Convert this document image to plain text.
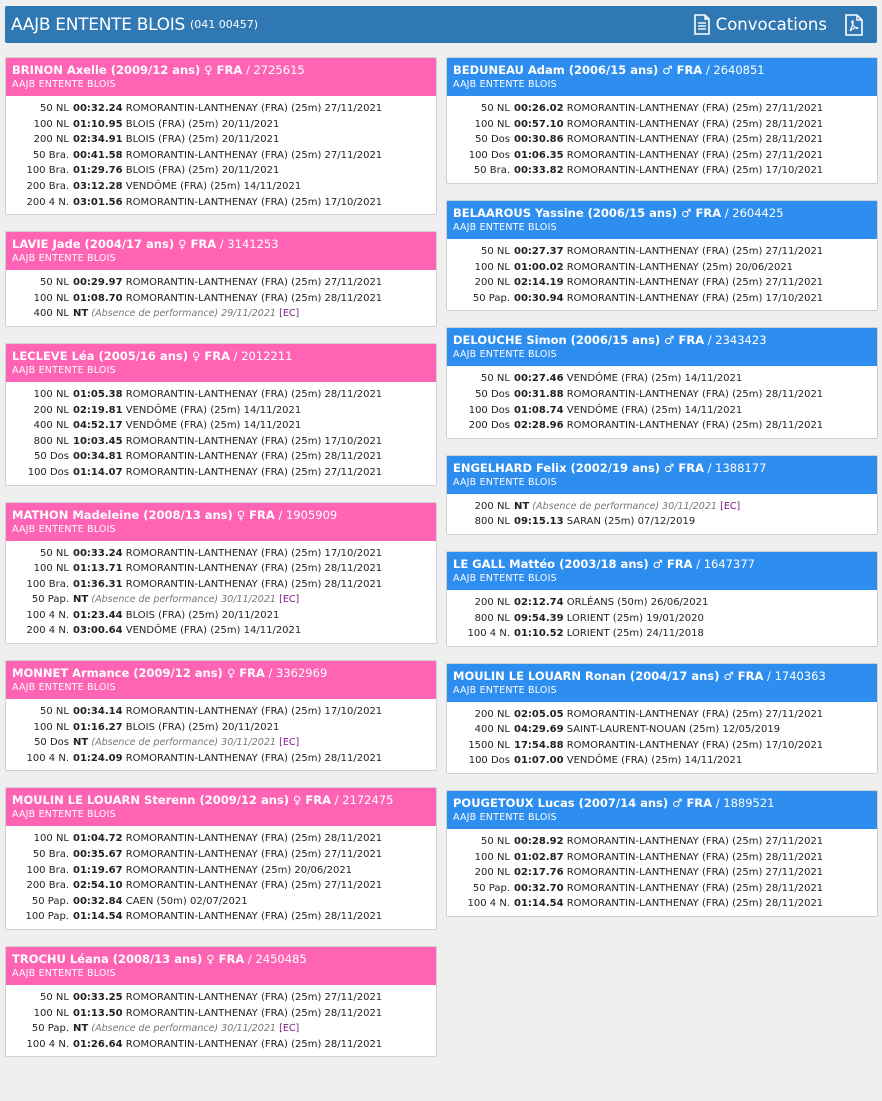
AAJB ENTENTE BLOIS (041 00457)	Convocations
BRINON Axelle (2009/12 ans) ♀ FRA / 2725615
AAJB ENTENTE BLOIS
50 NL 00:32.24 ROMORANTIN-LANTHENAY (FRA) (25m) 27/11/2021
100 NL 01:10.95 BLOIS (FRA) (25m) 20/11/2021
200 NL 02:34.91 BLOIS (FRA) (25m) 20/11/2021
50 Bra. 00:41.58 ROMORANTIN-LANTHENAY (FRA) (25m) 27/11/2021
100 Bra. 01:29.76 BLOIS (FRA) (25m) 20/11/2021
200 Bra. 03:12.28 VENDÔME (FRA) (25m) 14/11/2021
200 4 N. 03:01.56 ROMORANTIN-LANTHENAY (FRA) (25m) 17/10/2021
LAVIE Jade (2004/17 ans) ♀ FRA / 3141253
AAJB ENTENTE BLOIS
50 NL 00:29.97 ROMORANTIN-LANTHENAY (FRA) (25m) 27/11/2021
100 NL 01:08.70 ROMORANTIN-LANTHENAY (FRA) (25m) 28/11/2021
400 NL NT (Absence de performance) 29/11/2021 [EC]
LECLEVE Léa (2005/16 ans) ♀ FRA / 2012211
AAJB ENTENTE BLOIS
100 NL 01:05.38 ROMORANTIN-LANTHENAY (FRA) (25m) 28/11/2021
200 NL 02:19.81 VENDÔME (FRA) (25m) 14/11/2021
400 NL 04:52.17 VENDÔME (FRA) (25m) 14/11/2021
800 NL 10:03.45 ROMORANTIN-LANTHENAY (FRA) (25m) 17/10/2021
50 Dos 00:34.81 ROMORANTIN-LANTHENAY (FRA) (25m) 28/11/2021
100 Dos 01:14.07 ROMORANTIN-LANTHENAY (FRA) (25m) 27/11/2021
MATHON Madeleine (2008/13 ans) ♀ FRA / 1905909
AAJB ENTENTE BLOIS
50 NL 00:33.24 ROMORANTIN-LANTHENAY (FRA) (25m) 17/10/2021
100 NL 01:13.71 ROMORANTIN-LANTHENAY (FRA) (25m) 28/11/2021
100 Bra. 01:36.31 ROMORANTIN-LANTHENAY (FRA) (25m) 28/11/2021
50 Pap. NT (Absence de performance) 30/11/2021 [EC]
100 4 N. 01:23.44 BLOIS (FRA) (25m) 20/11/2021
200 4 N. 03:00.64 VENDÔME (FRA) (25m) 14/11/2021
MONNET Armance (2009/12 ans) ♀ FRA / 3362969
AAJB ENTENTE BLOIS
50 NL 00:34.14 ROMORANTIN-LANTHENAY (FRA) (25m) 17/10/2021
100 NL 01:16.27 BLOIS (FRA) (25m) 20/11/2021
50 Dos NT (Absence de performance) 30/11/2021 [EC]
100 4 N. 01:24.09 ROMORANTIN-LANTHENAY (FRA) (25m) 28/11/2021
MOULIN LE LOUARN Sterenn (2009/12 ans) ♀ FRA / 2172475
AAJB ENTENTE BLOIS
100 NL 01:04.72 ROMORANTIN-LANTHENAY (FRA) (25m) 28/11/2021
50 Bra. 00:35.67 ROMORANTIN-LANTHENAY (FRA) (25m) 27/11/2021
100 Bra. 01:19.67 ROMORANTIN-LANTHENAY (25m) 20/06/2021
200 Bra. 02:54.10 ROMORANTIN-LANTHENAY (FRA) (25m) 27/11/2021
50 Pap. 00:32.84 CAEN (50m) 02/07/2021
100 Pap. 01:14.54 ROMORANTIN-LANTHENAY (FRA) (25m) 28/11/2021
TROCHU Léana (2008/13 ans) ♀ FRA / 2450485
AAJB ENTENTE BLOIS
50 NL 00:33.25 ROMORANTIN-LANTHENAY (FRA) (25m) 27/11/2021
100 NL 01:13.50 ROMORANTIN-LANTHENAY (FRA) (25m) 28/11/2021
50 Pap. NT (Absence de performance) 30/11/2021 [EC]
100 4 N. 01:26.64 ROMORANTIN-LANTHENAY (FRA) (25m) 28/11/2021
BEDUNEAU Adam (2006/15 ans) ♂ FRA / 2640851
AAJB ENTENTE BLOIS
50 NL 00:26.02 ROMORANTIN-LANTHENAY (FRA) (25m) 27/11/2021
100 NL 00:57.10 ROMORANTIN-LANTHENAY (FRA) (25m) 28/11/2021
50 Dos 00:30.86 ROMORANTIN-LANTHENAY (FRA) (25m) 28/11/2021
100 Dos 01:06.35 ROMORANTIN-LANTHENAY (FRA) (25m) 27/11/2021
50 Bra. 00:33.82 ROMORANTIN-LANTHENAY (FRA) (25m) 17/10/2021
BELAAROUS Yassine (2006/15 ans) ♂ FRA / 2604425
AAJB ENTENTE BLOIS
50 NL 00:27.37 ROMORANTIN-LANTHENAY (FRA) (25m) 27/11/2021
100 NL 01:00.02 ROMORANTIN-LANTHENAY (25m) 20/06/2021
200 NL 02:14.19 ROMORANTIN-LANTHENAY (FRA) (25m) 27/11/2021
50 Pap. 00:30.94 ROMORANTIN-LANTHENAY (FRA) (25m) 17/10/2021
DELOUCHE Simon (2006/15 ans) ♂ FRA / 2343423
AAJB ENTENTE BLOIS
50 NL 00:27.46 VENDÔME (FRA) (25m) 14/11/2021
50 Dos 00:31.88 ROMORANTIN-LANTHENAY (FRA) (25m) 28/11/2021
100 Dos 01:08.74 VENDÔME (FRA) (25m) 14/11/2021
200 Dos 02:28.96 ROMORANTIN-LANTHENAY (FRA) (25m) 28/11/2021
ENGELHARD Felix (2002/19 ans) ♂ FRA / 1388177
AAJB ENTENTE BLOIS
200 NL NT (Absence de performance) 30/11/2021 [EC]
800 NL 09:15.13 SARAN (25m) 07/12/2019
LE GALL Mattéo (2003/18 ans) ♂ FRA / 1647377
AAJB ENTENTE BLOIS
200 NL 02:12.74 ORLÉANS (50m) 26/06/2021
800 NL 09:54.39 LORIENT (25m) 19/01/2020
100 4 N. 01:10.52 LORIENT (25m) 24/11/2018
MOULIN LE LOUARN Ronan (2004/17 ans) ♂ FRA / 1740363
AAJB ENTENTE BLOIS
200 NL 02:05.05 ROMORANTIN-LANTHENAY (FRA) (25m) 27/11/2021
400 NL 04:29.69 SAINT-LAURENT-NOUAN (25m) 12/05/2019
1500 NL 17:54.88 ROMORANTIN-LANTHENAY (FRA) (25m) 17/10/2021
100 Dos 01:07.00 VENDÔME (FRA) (25m) 14/11/2021
POUGETOUX Lucas (2007/14 ans) ♂ FRA / 1889521
AAJB ENTENTE BLOIS
50 NL 00:28.92 ROMORANTIN-LANTHENAY (FRA) (25m) 27/11/2021
100 NL 01:02.87 ROMORANTIN-LANTHENAY (FRA) (25m) 28/11/2021
200 NL 02:17.76 ROMORANTIN-LANTHENAY (FRA) (25m) 27/11/2021
50 Pap. 00:32.70 ROMORANTIN-LANTHENAY (FRA) (25m) 28/11/2021
100 4 N. 01:14.54 ROMORANTIN-LANTHENAY (FRA) (25m) 28/11/2021
